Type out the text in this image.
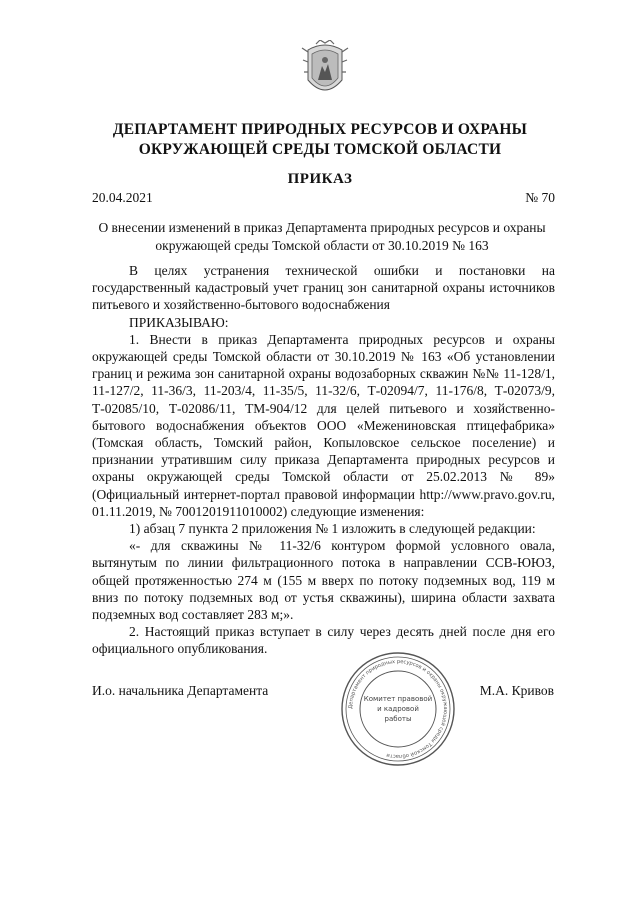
ДЕПАРТАМЕНТ ПРИРОДНЫХ РЕСУРСОВ И ОХРАНЫ
ОКРУЖАЮЩЕЙ СРЕДЫ ТОМСКОЙ ОБЛАСТИ
ПРИКАЗ
20.04.2021	№ 70
О внесении изменений в приказ Департамента природных ресурсов и охраны окружающей среды Томской области от 30.10.2019 № 163

В целях устранения технической ошибки и постановки на государственный кадастровый учет границ зон санитарной охраны источников питьевого и хозяйственно-бытового водоснабжения

ПРИКАЗЫВАЮ:

1. Внести в приказ Департамента природных ресурсов и охраны окружающей среды Томской области от 30.10.2019 № 163 «Об установлении границ и режима зон санитарной охраны водозаборных скважин №№ 11-128/1, 11-127/2, 11-36/3, 11-203/4, 11-35/5, 11-32/6, Т-02094/7, 11-176/8, Т-02073/9, Т-02085/10, Т-02086/11, ТМ-904/12 для целей питьевого и хозяйственно-бытового водоснабжения объектов ООО «Межениновская птицефабрика» (Томская область, Томский район, Копыловское сельское поселение) и признании утратившим силу приказа Департамента природных ресурсов и охраны окружающей среды Томской области от 25.02.2013 № 89» (Официальный интернет-портал правовой информации http://www.pravo.gov.ru, 01.11.2019, № 7001201911010002) следующие изменения:

1) абзац 7 пункта 2 приложения № 1 изложить в следующей редакции:

«- для скважины № 11-32/6 контуром формой условного овала, вытянутым по линии фильтрационного потока в направлении ССВ-ЮЮЗ, общей протяженностью 274 м (155 м вверх по потоку подземных вод, 119 м вниз по потоку подземных вод от устья скважины), ширина области захвата подземных вод составляет 283 м;».

2. Настоящий приказ вступает в силу через десять дней после дня его официального опубликования.

И.о. начальника Департамента	М.А. Кривов
Департамент природных ресурсов и охраны окружающей среды Томской области
Комитет правовой
и кадровой
работы
